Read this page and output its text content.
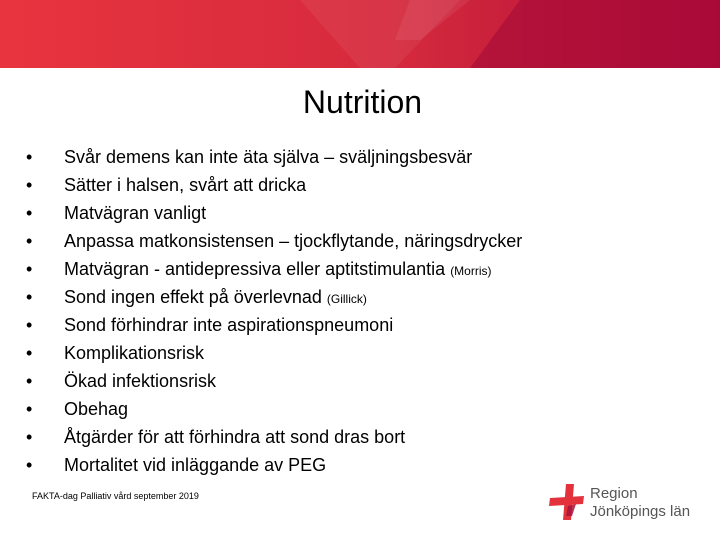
Nutrition
•	Svår demens kan inte äta själva – sväljningsbesvär
•	Sätter i halsen, svårt att dricka
•	Matvägran vanligt
•	Anpassa matkonsistensen – tjockflytande, näringsdrycker
•	Matvägran - antidepressiva eller aptitstimulantia (Morris)
•	Sond ingen effekt på överlevnad (Gillick)
•	Sond förhindrar inte aspirationspneumoni
•	Komplikationsrisk
•	Ökad infektionsrisk
•	Obehag
•	Åtgärder för att förhindra att sond dras bort
•	Mortalitet vid inläggande av PEG
FAKTA-dag Palliativ vård september 2019	Region
Jönköpings län
